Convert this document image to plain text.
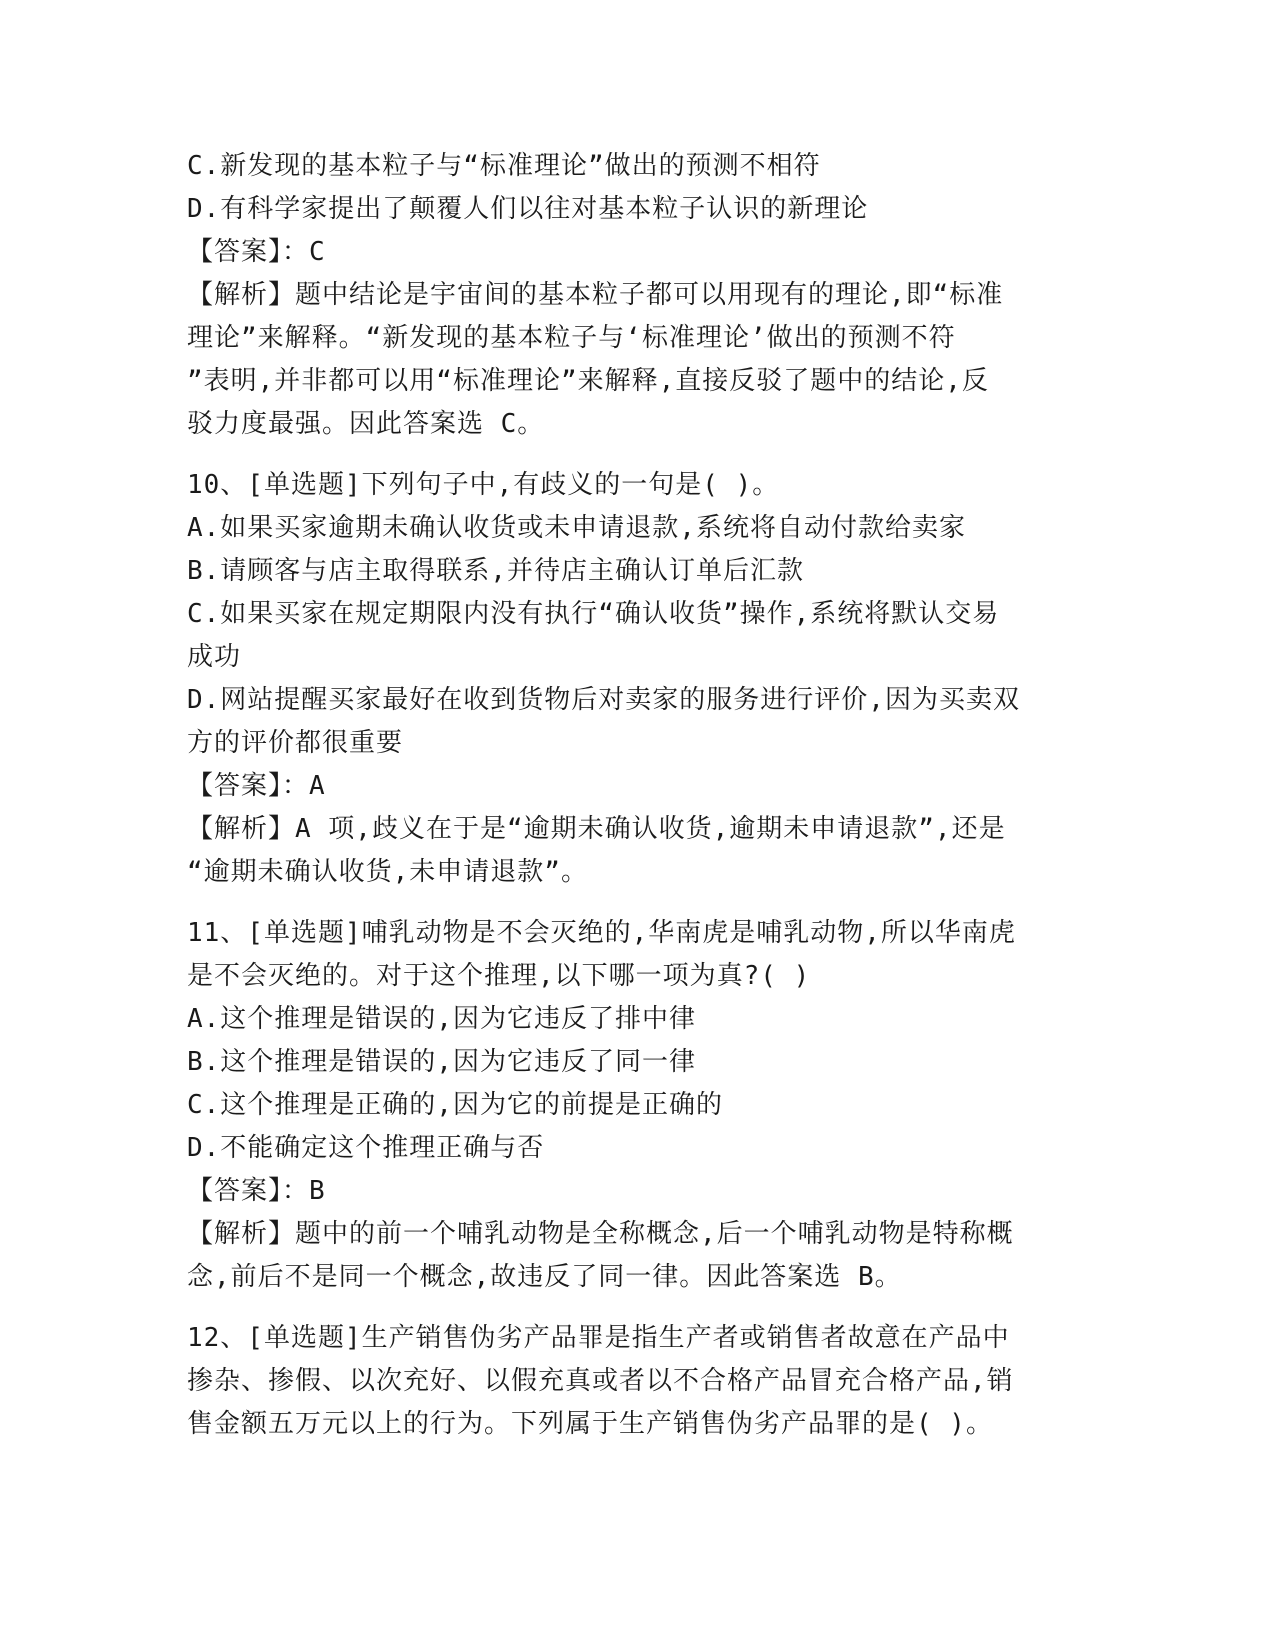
C.新发现的基本粒子与“标准理论”做出的预测不相符

D.有科学家提出了颠覆人们以往对基本粒子认识的新理论

【答案】：C

【解析】题中结论是宇宙间的基本粒子都可以用现有的理论,即“标准

理论”来解释。“新发现的基本粒子与‘标准理论’做出的预测不符

”表明,并非都可以用“标准理论”来解释,直接反驳了题中的结论,反

驳力度最强。因此答案选 C。

10、[单选题]下列句子中,有歧义的一句是( )。

A.如果买家逾期未确认收货或未申请退款,系统将自动付款给卖家

B.请顾客与店主取得联系,并待店主确认订单后汇款

C.如果买家在规定期限内没有执行“确认收货”操作,系统将默认交易

成功

D.网站提醒买家最好在收到货物后对卖家的服务进行评价,因为买卖双

方的评价都很重要

【答案】：A

【解析】A 项,歧义在于是“逾期未确认收货,逾期未申请退款”,还是

“逾期未确认收货,未申请退款”。

11、[单选题]哺乳动物是不会灭绝的,华南虎是哺乳动物,所以华南虎

是不会灭绝的。对于这个推理,以下哪一项为真?( )

A.这个推理是错误的,因为它违反了排中律

B.这个推理是错误的,因为它违反了同一律

C.这个推理是正确的,因为它的前提是正确的

D.不能确定这个推理正确与否

【答案】：B

【解析】题中的前一个哺乳动物是全称概念,后一个哺乳动物是特称概

念,前后不是同一个概念,故违反了同一律。因此答案选 B。

12、[单选题]生产销售伪劣产品罪是指生产者或销售者故意在产品中

掺杂、掺假、以次充好、以假充真或者以不合格产品冒充合格产品,销

售金额五万元以上的行为。下列属于生产销售伪劣产品罪的是( )。
